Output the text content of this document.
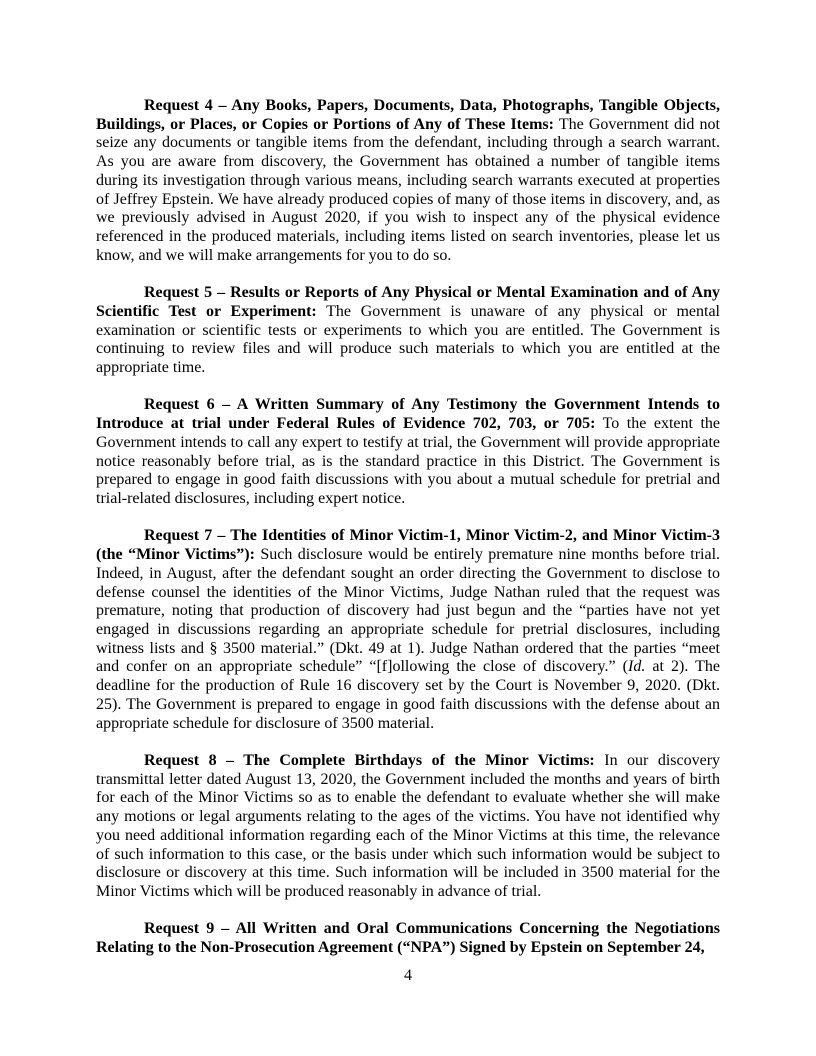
Request 4 – Any Books, Papers, Documents, Data, Photographs, Tangible Objects, Buildings, or Places, or Copies or Portions of Any of These Items: The Government did not seize any documents or tangible items from the defendant, including through a search warrant. As you are aware from discovery, the Government has obtained a number of tangible items during its investigation through various means, including search warrants executed at properties of Jeffrey Epstein. We have already produced copies of many of those items in discovery, and, as we previously advised in August 2020, if you wish to inspect any of the physical evidence referenced in the produced materials, including items listed on search inventories, please let us know, and we will make arrangements for you to do so.

Request 5 – Results or Reports of Any Physical or Mental Examination and of Any Scientific Test or Experiment: The Government is unaware of any physical or mental examination or scientific tests or experiments to which you are entitled. The Government is continuing to review files and will produce such materials to which you are entitled at the appropriate time.

Request 6 – A Written Summary of Any Testimony the Government Intends to Introduce at trial under Federal Rules of Evidence 702, 703, or 705: To the extent the Government intends to call any expert to testify at trial, the Government will provide appropriate notice reasonably before trial, as is the standard practice in this District. The Government is prepared to engage in good faith discussions with you about a mutual schedule for pretrial and trial-related disclosures, including expert notice.

Request 7 – The Identities of Minor Victim-1, Minor Victim-2, and Minor Victim-3 (the “Minor Victims”): Such disclosure would be entirely premature nine months before trial. Indeed, in August, after the defendant sought an order directing the Government to disclose to defense counsel the identities of the Minor Victims, Judge Nathan ruled that the request was premature, noting that production of discovery had just begun and the “parties have not yet engaged in discussions regarding an appropriate schedule for pretrial disclosures, including witness lists and § 3500 material.” (Dkt. 49 at 1). Judge Nathan ordered that the parties “meet and confer on an appropriate schedule” “[f]ollowing the close of discovery.” (Id. at 2). The deadline for the production of Rule 16 discovery set by the Court is November 9, 2020. (Dkt. 25). The Government is prepared to engage in good faith discussions with the defense about an appropriate schedule for disclosure of 3500 material.

Request 8 – The Complete Birthdays of the Minor Victims: In our discovery transmittal letter dated August 13, 2020, the Government included the months and years of birth for each of the Minor Victims so as to enable the defendant to evaluate whether she will make any motions or legal arguments relating to the ages of the victims. You have not identified why you need additional information regarding each of the Minor Victims at this time, the relevance of such information to this case, or the basis under which such information would be subject to disclosure or discovery at this time. Such information will be included in 3500 material for the Minor Victims which will be produced reasonably in advance of trial.

Request 9 – All Written and Oral Communications Concerning the Negotiations Relating to the Non-Prosecution Agreement (“NPA”) Signed by Epstein on September 24,

4
